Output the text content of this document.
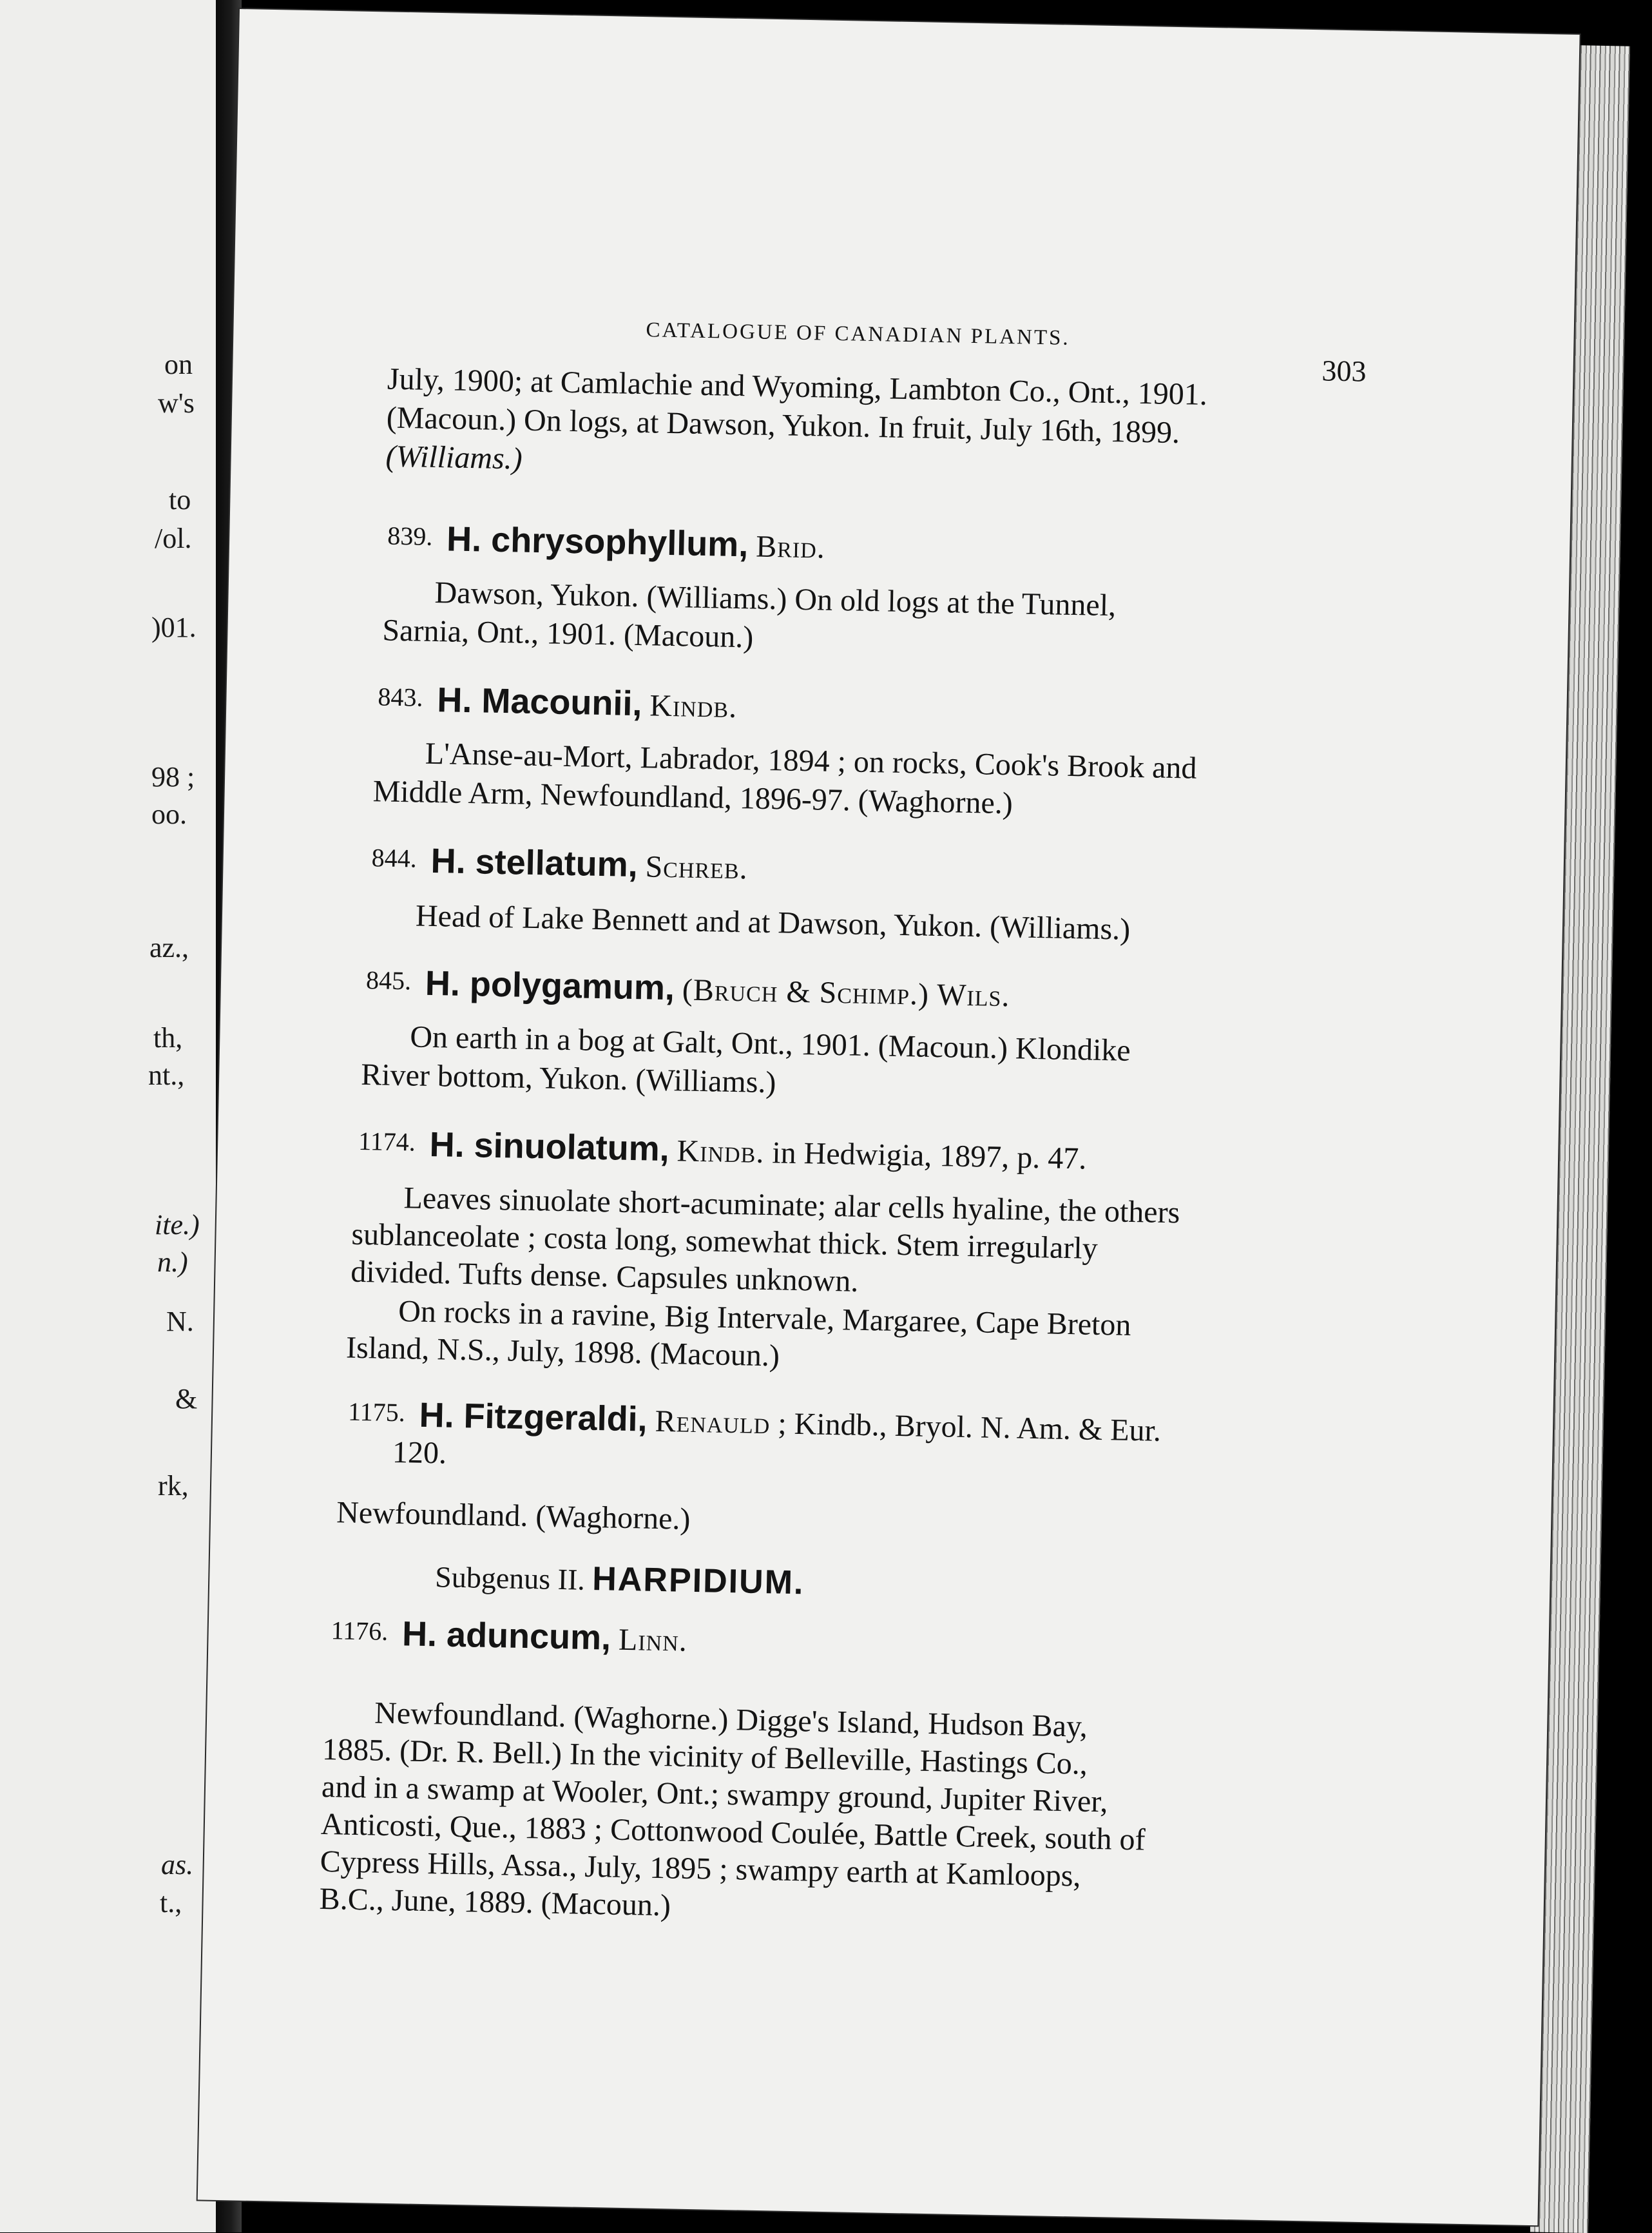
on
w's
to
/ol.
)01.
98 ;
oo.
az.,
th,
nt.,
ite.)
n.)
N.
&
rk,
as.
t.,
CATALOGUE OF CANADIAN PLANTS.
303
July, 1900; at Camlachie and Wyoming, Lambton Co., Ont., 1901.
(Macoun.) On logs, at Dawson, Yukon. In fruit, July 16th, 1899.
(Williams.)
839. H. chrysophyllum, Brid.
Dawson, Yukon. (Williams.) On old logs at the Tunnel,
Sarnia, Ont., 1901. (Macoun.)
843. H. Macounii, Kindb.
L'Anse-au-Mort, Labrador, 1894 ; on rocks, Cook's Brook and
Middle Arm, Newfoundland, 1896-97. (Waghorne.)
844. H. stellatum, Schreb.
Head of Lake Bennett and at Dawson, Yukon. (Williams.)
845. H. polygamum, (Bruch & Schimp.) Wils.
On earth in a bog at Galt, Ont., 1901. (Macoun.) Klondike
River bottom, Yukon. (Williams.)
1174. H. sinuolatum, Kindb. in Hedwigia, 1897, p. 47.
Leaves sinuolate short-acuminate; alar cells hyaline, the others
sublanceolate ; costa long, somewhat thick. Stem irregularly
divided. Tufts dense. Capsules unknown.
On rocks in a ravine, Big Intervale, Margaree, Cape Breton
Island, N.S., July, 1898. (Macoun.)
1175. H. Fitzgeraldi, Renauld ; Kindb., Bryol. N. Am. & Eur.
120.
Newfoundland. (Waghorne.)
Subgenus II. HARPIDIUM.
1176. H. aduncum, Linn.
Newfoundland. (Waghorne.) Digge's Island, Hudson Bay,
1885. (Dr. R. Bell.) In the vicinity of Belleville, Hastings Co.,
and in a swamp at Wooler, Ont.; swampy ground, Jupiter River,
Anticosti, Que., 1883 ; Cottonwood Coulée, Battle Creek, south of
Cypress Hills, Assa., July, 1895 ; swampy earth at Kamloops,
B.C., June, 1889. (Macoun.)
